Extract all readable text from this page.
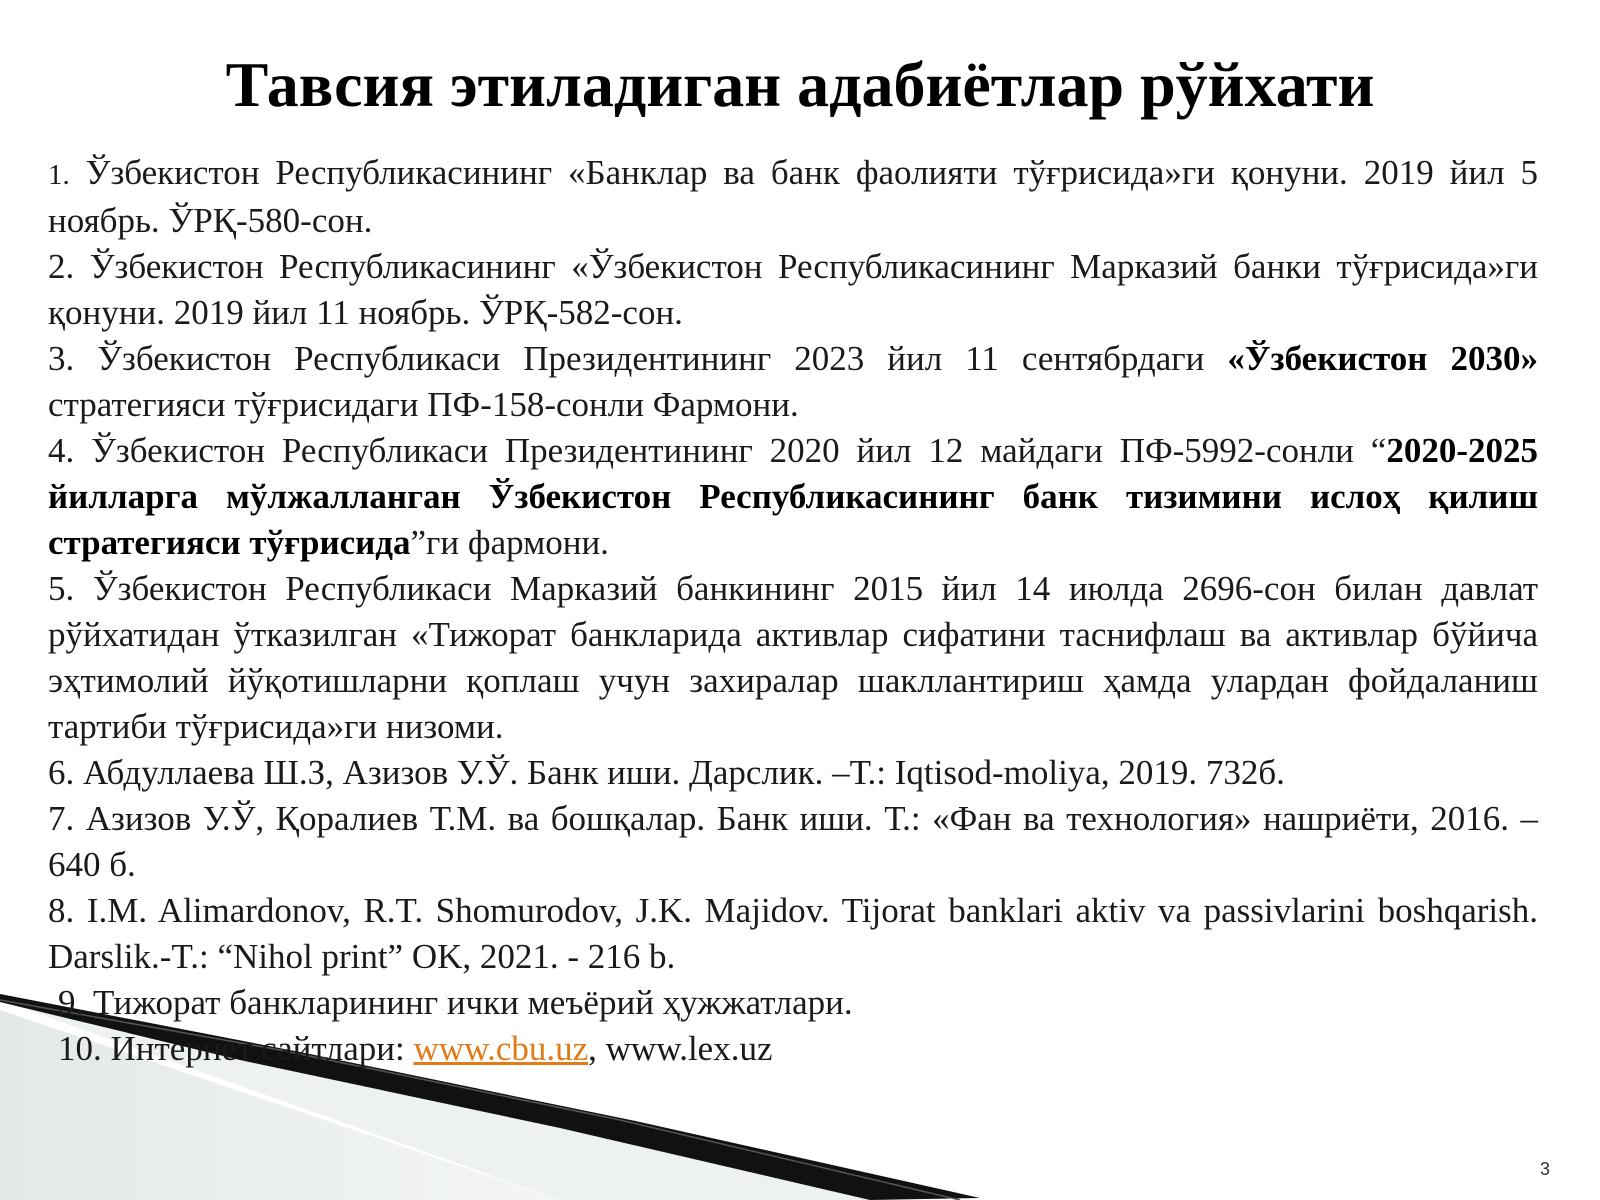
Тавсия этиладиган адабиётлар рўйхати

1. Ўзбекистон Республикасининг «Банклар ва банк фаолияти тўғрисида»ги қонуни. 2019 йил 5 ноябрь. ЎРҚ-580-сон.

2. Ўзбекистон Республикасининг «Ўзбекистон Республикасининг Марказий банки тўғрисида»ги қонуни. 2019 йил 11 ноябрь. ЎРҚ-582-сон.

3. Ўзбекистон Республикаси Президентининг 2023 йил 11 сентябрдаги «Ўзбекистон 2030» стратегияси тўғрисидаги ПФ-158-сонли Фармони.

4. Ўзбекистон Республикаси Президентининг 2020 йил 12 майдаги ПФ-5992-сонли “2020-2025 йилларга мўлжалланган Ўзбекистон Республикасининг банк тизимини ислоҳ қилиш стратегияси тўғрисида”ги фармони.

5. Ўзбекистон Республикаси Марказий банкининг 2015 йил 14 июлда 2696-сон билан давлат рўйхатидан ўтказилган «Тижорат банкларида активлар сифатини таснифлаш ва активлар бўйича эҳтимолий йўқотишларни қоплаш учун захиралар шакллантириш ҳамда улардан фойдаланиш тартиби тўғрисида»ги низоми.

6. Абдуллаева Ш.З, Азизов У.Ў. Банк иши. Дарслик. –Т.: Iqtisod-moliya, 2019. 732б.

7. Азизов У.Ў, Қоралиев Т.М. ва бошқалар. Банк иши. Т.: «Фан ва технология» нашриёти, 2016. – 640 б.

8. I.M. Alimardonov, R.T. Shomurodov, J.K. Majidov. Tijorat banklari aktiv va passivlarini boshqarish. Darslik.-T.: “Nihol print” OK, 2021. - 216 b.

9. Тижорат банкларининг ички меъёрий ҳужжатлари.

10. Интернет сайтлари: www.cbu.uz, www.lex.uz

3
